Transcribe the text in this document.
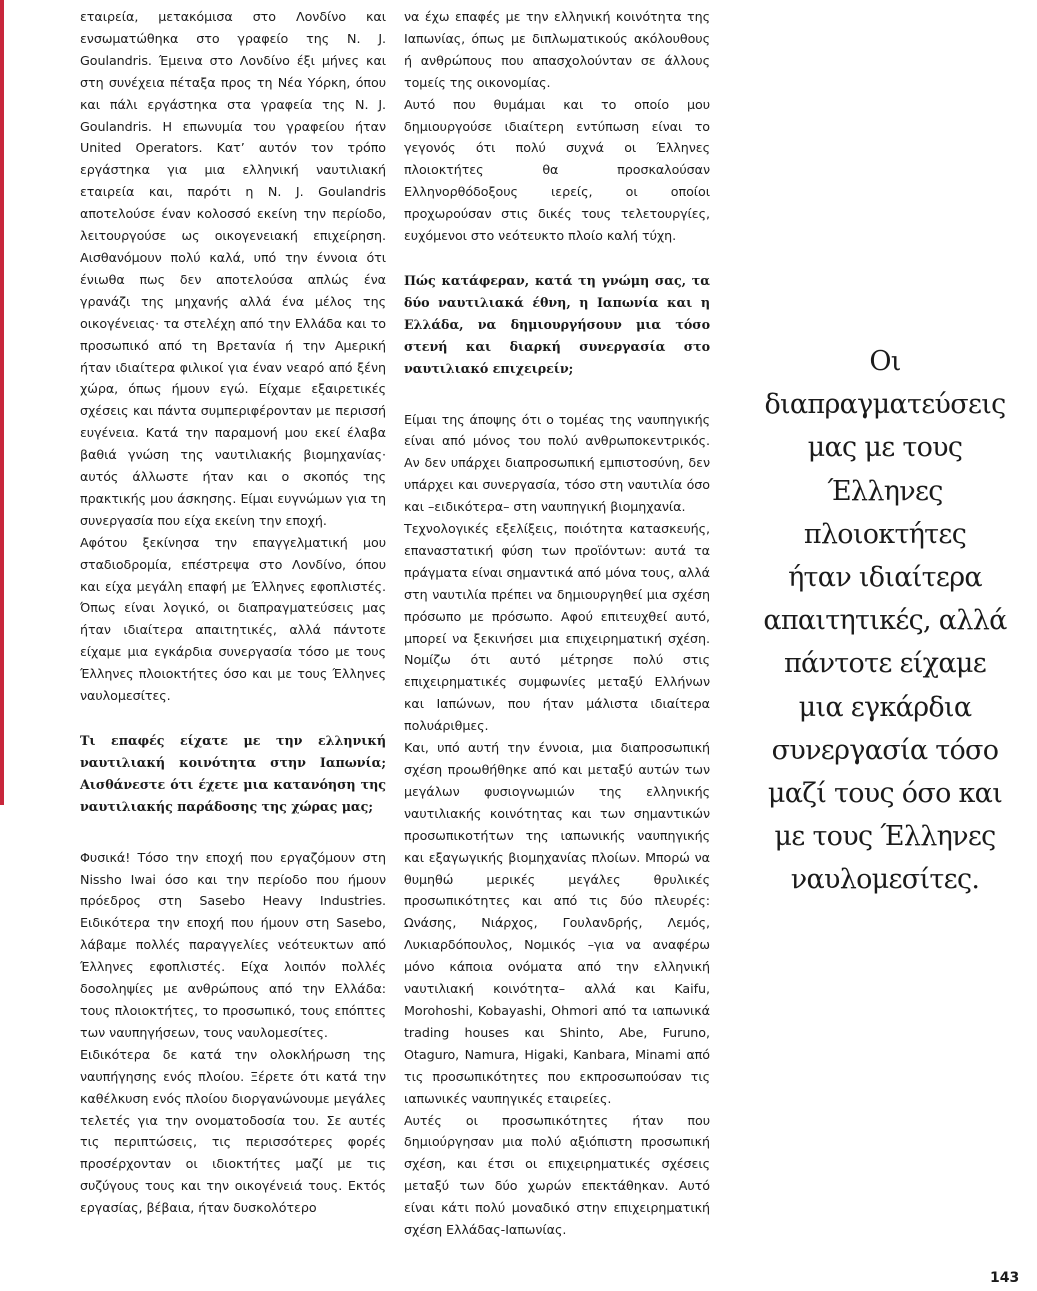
εταιρεία, μετακόμισα στο Λονδίνο και ενσωματώθηκα στο γραφείο της N. J. Goulandris. Έμεινα στο Λονδίνο έξι μήνες και στη συνέχεια πέταξα προς τη Νέα Υόρκη, όπου και πάλι εργάστηκα στα γραφεία της N. J. Goulandris. Η επωνυμία του γραφείου ήταν United Operators. Κατ’ αυτόν τον τρόπο εργάστηκα για μια ελληνική ναυτιλιακή εταιρεία και, παρότι η N. J. Goulandris αποτελούσε έναν κολοσσό εκείνη την περίοδο, λειτουργούσε ως οικογενειακή επιχείρηση. Αισθανόμουν πολύ καλά, υπό την έννοια ότι ένιωθα πως δεν αποτελούσα απλώς ένα γρανάζι της μηχανής αλλά ένα μέλος της οικογένειας· τα στελέχη από την Ελλάδα και το προσωπικό από τη Βρετανία ή την Αμερική ήταν ιδιαίτερα φιλικοί για έναν νεαρό από ξένη χώρα, όπως ήμουν εγώ. Είχαμε εξαιρετικές σχέσεις και πάντα συμπεριφέρονταν με περισσή ευγένεια. Κατά την παραμονή μου εκεί έλαβα βαθιά γνώση της ναυτιλιακής βιομηχανίας· αυτός άλλωστε ήταν και ο σκοπός της πρακτικής μου άσκησης. Είμαι ευγνώμων για τη συνεργασία που είχα εκείνη την εποχή.

Αφότου ξεκίνησα την επαγγελματική μου σταδιοδρομία, επέστρεψα στο Λονδίνο, όπου και είχα μεγάλη επαφή με Έλληνες εφοπλιστές. Όπως είναι λογικό, οι διαπραγματεύσεις μας ήταν ιδιαίτερα απαιτητικές, αλλά πάντοτε είχαμε μια εγκάρδια συνεργασία τόσο με τους Έλληνες πλοιοκτήτες όσο και με τους Έλληνες ναυλομεσίτες.

Τι επαφές είχατε με την ελληνική ναυτιλιακή κοινότητα στην Ιαπωνία; Αισθάνεστε ότι έχετε μια κατανόηση της ναυτιλιακής παράδοσης της χώρας μας;

Φυσικά! Τόσο την εποχή που εργαζόμουν στη Nissho Iwai όσο και την περίοδο που ήμουν πρόεδρος στη Sasebo Heavy Industries. Ειδικότερα την εποχή που ήμουν στη Sasebo, λάβαμε πολλές παραγγελίες νεότευκτων από Έλληνες εφοπλιστές. Είχα λοιπόν πολλές δοσοληψίες με ανθρώπους από την Ελλάδα: τους πλοιοκτήτες, το προσωπικό, τους επόπτες των ναυπηγήσεων, τους ναυλομεσίτες.

Ειδικότερα δε κατά την ολοκλήρωση της ναυπήγησης ενός πλοίου. Ξέρετε ότι κατά την καθέλκυση ενός πλοίου διοργανώνουμε μεγάλες τελετές για την ονοματοδοσία του. Σε αυτές τις περιπτώσεις, τις περισσότερες φορές προσέρχονταν οι ιδιοκτήτες μαζί με τις συζύγους τους και την οικογένειά τους. Εκτός εργασίας, βέβαια, ήταν δυσκολότερο

να έχω επαφές με την ελληνική κοινότητα της Ιαπωνίας, όπως με διπλωματικούς ακόλουθους ή ανθρώπους που απασχολούνταν σε άλλους τομείς της οικονομίας.

Αυτό που θυμάμαι και το οποίο μου δημιουργούσε ιδιαίτερη εντύπωση είναι το γεγονός ότι πολύ συχνά οι Έλληνες πλοιοκτήτες θα προσκαλούσαν Ελληνορθόδοξους ιερείς, οι οποίοι προχωρούσαν στις δικές τους τελετουργίες, ευχόμενοι στο νεότευκτο πλοίο καλή τύχη.

Πώς κατάφεραν, κατά τη γνώμη σας, τα δύο ναυτιλιακά έθνη, η Ιαπωνία και η Ελλάδα, να δημιουργήσουν μια τόσο στενή και διαρκή συνεργασία στο ναυτιλιακό επιχειρείν;

Είμαι της άποψης ότι ο τομέας της ναυπηγικής είναι από μόνος του πολύ ανθρωποκεντρικός. Αν δεν υπάρχει διαπροσωπική εμπιστοσύνη, δεν υπάρχει και συνεργασία, τόσο στη ναυτιλία όσο και –ειδικότερα– στη ναυπηγική βιομηχανία.

Τεχνολογικές εξελίξεις, ποιότητα κατασκευής, επαναστατική φύση των προϊόντων: αυτά τα πράγματα είναι σημαντικά από μόνα τους, αλλά στη ναυτιλία πρέπει να δημιουργηθεί μια σχέση πρόσωπο με πρόσωπο. Αφού επιτευχθεί αυτό, μπορεί να ξεκινήσει μια επιχειρηματική σχέση. Νομίζω ότι αυτό μέτρησε πολύ στις επιχειρηματικές συμφωνίες μεταξύ Ελλήνων και Ιαπώνων, που ήταν μάλιστα ιδιαίτερα πολυάριθμες.

Και, υπό αυτή την έννοια, μια διαπροσωπική σχέση προωθήθηκε από και μεταξύ αυτών των μεγάλων φυσιογνωμιών της ελληνικής ναυτιλιακής κοινότητας και των σημαντικών προσωπικοτήτων της ιαπωνικής ναυπηγικής και εξαγωγικής βιομηχανίας πλοίων. Μπορώ να θυμηθώ μερικές μεγάλες θρυλικές προσωπικότητες και από τις δύο πλευρές: Ωνάσης, Νιάρχος, Γουλανδρής, Λεμός, Λυκιαρδόπουλος, Νομικός –για να αναφέρω μόνο κάποια ονόματα από την ελληνική ναυτιλιακή κοινότητα– αλλά και Kaifu, Morohoshi, Kobayashi, Ohmori από τα ιαπωνικά trading houses και Shinto, Abe, Furuno, Otaguro, Namura, Higaki, Kanbara, Minami από τις προσωπικότητες που εκπροσωπούσαν τις ιαπωνικές ναυπηγικές εταιρείες.

Αυτές οι προσωπικότητες ήταν που δημιούργησαν μια πολύ αξιόπιστη προσωπική σχέση, και έτσι οι επιχειρηματικές σχέσεις μεταξύ των δύο χωρών επεκτάθηκαν. Αυτό είναι κάτι πολύ μοναδικό στην επιχειρηματική σχέση Ελλάδας-Ιαπωνίας.

Οι
διαπραγματεύσεις
μας με τους
Έλληνες
πλοιοκτήτες
ήταν ιδιαίτερα
απαιτητικές, αλλά
πάντοτε είχαμε
μια εγκάρδια
συνεργασία τόσο
μαζί τους όσο και
με τους Έλληνες
ναυλομεσίτες.
143
